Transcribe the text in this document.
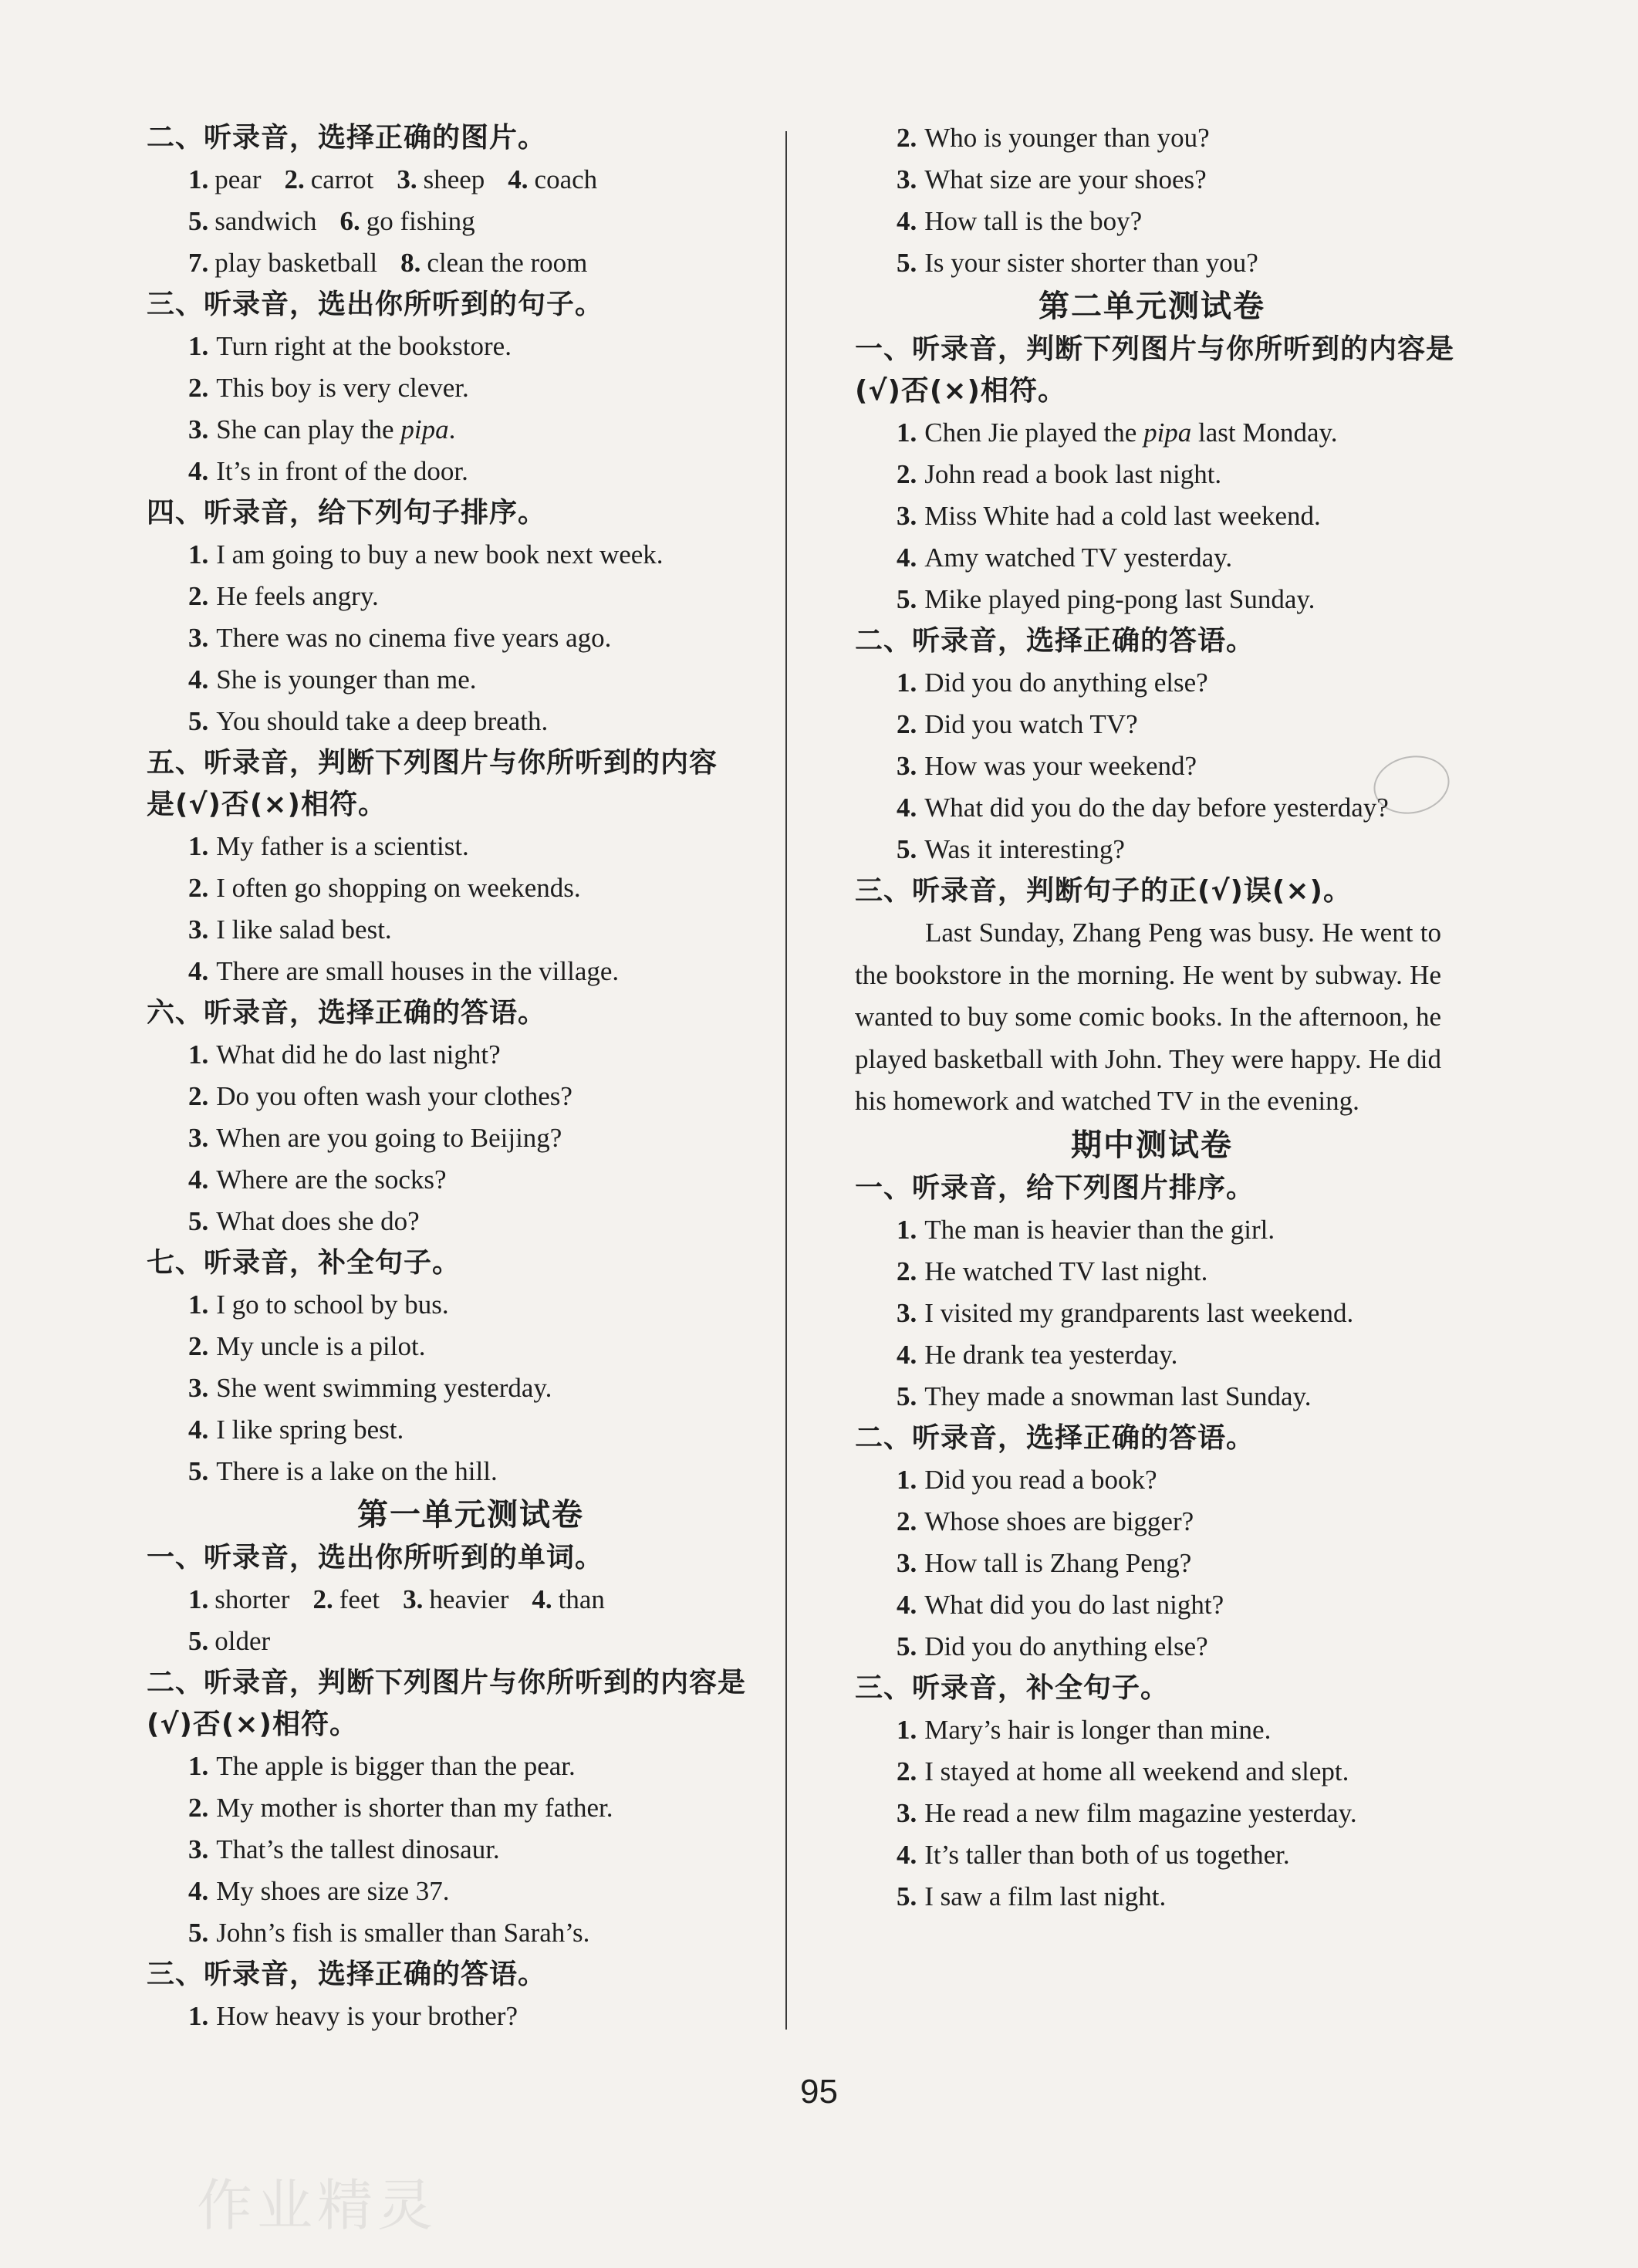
二、听录音，选择正确的图片。
1. pear 2. carrot 3. sheep 4. coach
5. sandwich 6. go fishing
7. play basketball 8. clean the room
三、听录音，选出你所听到的句子。
1. Turn right at the bookstore.
2. This boy is very clever.
3. She can play the pipa.
4. It’s in front of the door.
四、听录音，给下列句子排序。
1. I am going to buy a new book next week.
2. He feels angry.
3. There was no cinema five years ago.
4. She is younger than me.
5. You should take a deep breath.
五、听录音，判断下列图片与你所听到的内容
是(√)否(×)相符。
1. My father is a scientist.
2. I often go shopping on weekends.
3. I like salad best.
4. There are small houses in the village.
六、听录音，选择正确的答语。
1. What did he do last night?
2. Do you often wash your clothes?
3. When are you going to Beijing?
4. Where are the socks?
5. What does she do?
七、听录音，补全句子。
1. I go to school by bus.
2. My uncle is a pilot.
3. She went swimming yesterday.
4. I like spring best.
5. There is a lake on the hill.
第一单元测试卷
一、听录音，选出你所听到的单词。
1. shorter 2. feet 3. heavier 4. than
5. older
二、听录音，判断下列图片与你所听到的内容是
(√)否(×)相符。
1. The apple is bigger than the pear.
2. My mother is shorter than my father.
3. That’s the tallest dinosaur.
4. My shoes are size 37.
5. John’s fish is smaller than Sarah’s.
三、听录音，选择正确的答语。
1. How heavy is your brother?
2. Who is younger than you?
3. What size are your shoes?
4. How tall is the boy?
5. Is your sister shorter than you?
第二单元测试卷
一、听录音，判断下列图片与你所听到的内容是
(√)否(×)相符。
1. Chen Jie played the pipa last Monday.
2. John read a book last night.
3. Miss White had a cold last weekend.
4. Amy watched TV yesterday.
5. Mike played ping-pong last Sunday.
二、听录音，选择正确的答语。
1. Did you do anything else?
2. Did you watch TV?
3. How was your weekend?
4. What did you do the day before yesterday?
5. Was it interesting?
三、听录音，判断句子的正(√)误(×)。

Last Sunday, Zhang Peng was busy. He went to the bookstore in the morning. He went by subway. He wanted to buy some comic books. In the afternoon, he played basketball with John. They were happy. He did his homework and watched TV in the evening.

期中测试卷
一、听录音，给下列图片排序。
1. The man is heavier than the girl.
2. He watched TV last night.
3. I visited my grandparents last weekend.
4. He drank tea yesterday.
5. They made a snowman last Sunday.
二、听录音，选择正确的答语。
1. Did you read a book?
2. Whose shoes are bigger?
3. How tall is Zhang Peng?
4. What did you do last night?
5. Did you do anything else?
三、听录音，补全句子。
1. Mary’s hair is longer than mine.
2. I stayed at home all weekend and slept.
3. He read a new film magazine yesterday.
4. It’s taller than both of us together.
5. I saw a film last night.
95
作业精灵
